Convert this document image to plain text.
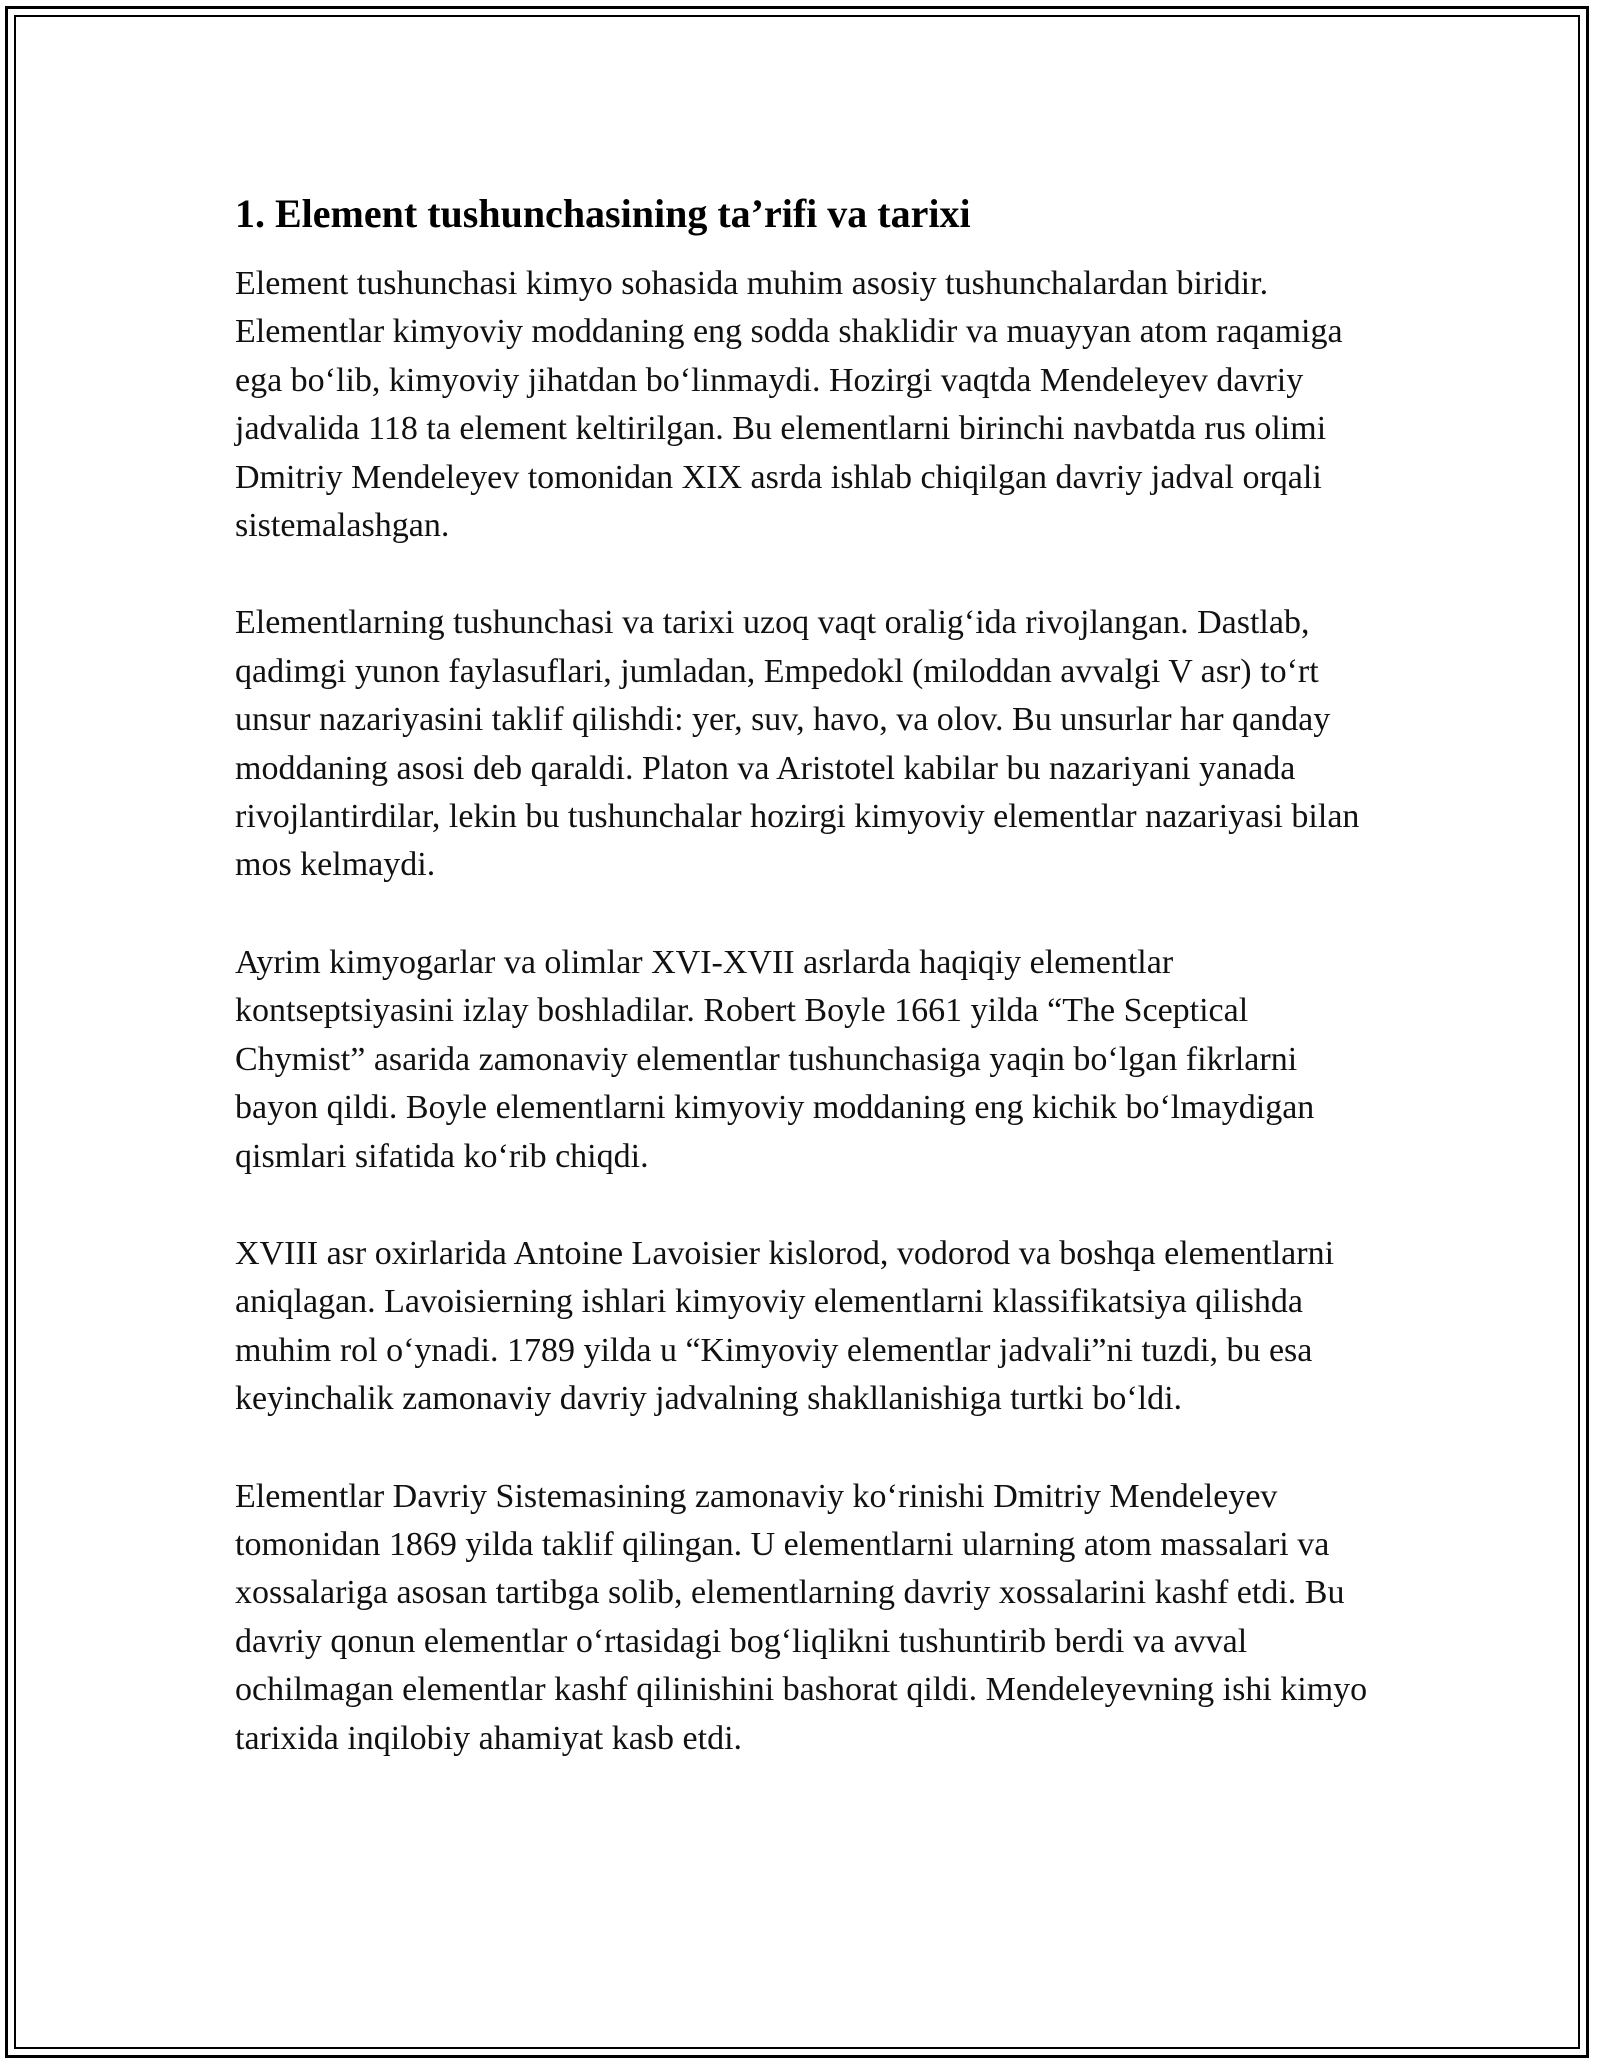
1. Element tushunchasining ta’rifi va tarixi

Element tushunchasi kimyo sohasida muhim asosiy tushunchalardan biridir. Elementlar kimyoviy moddaning eng sodda shaklidir va muayyan atom raqamiga ega bo‘lib, kimyoviy jihatdan bo‘linmaydi. Hozirgi vaqtda Mendeleyev davriy jadvalida 118 ta element keltirilgan. Bu elementlarni birinchi navbatda rus olimi Dmitriy Mendeleyev tomonidan XIX asrda ishlab chiqilgan davriy jadval orqali sistemalashgan.

Elementlarning tushunchasi va tarixi uzoq vaqt oralig‘ida rivojlangan. Dastlab, qadimgi yunon faylasuflari, jumladan, Empedokl (miloddan avvalgi V asr) to‘rt unsur nazariyasini taklif qilishdi: yer, suv, havo, va olov. Bu unsurlar har qanday moddaning asosi deb qaraldi. Platon va Aristotel kabilar bu nazariyani yanada rivojlantirdilar, lekin bu tushunchalar hozirgi kimyoviy elementlar nazariyasi bilan mos kelmaydi.

Ayrim kimyogarlar va olimlar XVI-XVII asrlarda haqiqiy elementlar kontseptsiyasini izlay boshladilar. Robert Boyle 1661 yilda “The Sceptical Chymist” asarida zamonaviy elementlar tushunchasiga yaqin bo‘lgan fikrlarni bayon qildi. Boyle elementlarni kimyoviy moddaning eng kichik bo‘lmaydigan qismlari sifatida ko‘rib chiqdi.

XVIII asr oxirlarida Antoine Lavoisier kislorod, vodorod va boshqa elementlarni aniqlagan. Lavoisierning ishlari kimyoviy elementlarni klassifikatsiya qilishda muhim rol o‘ynadi. 1789 yilda u “Kimyoviy elementlar jadvali”ni tuzdi, bu esa keyinchalik zamonaviy davriy jadvalning shakllanishiga turtki bo‘ldi.

Elementlar Davriy Sistemasining zamonaviy ko‘rinishi Dmitriy Mendeleyev tomonidan 1869 yilda taklif qilingan. U elementlarni ularning atom massalari va xossalariga asosan tartibga solib, elementlarning davriy xossalarini kashf etdi. Bu davriy qonun elementlar o‘rtasidagi bog‘liqlikni tushuntirib berdi va avval ochilmagan elementlar kashf qilinishini bashorat qildi. Mendeleyevning ishi kimyo tarixida inqilobiy ahamiyat kasb etdi.
